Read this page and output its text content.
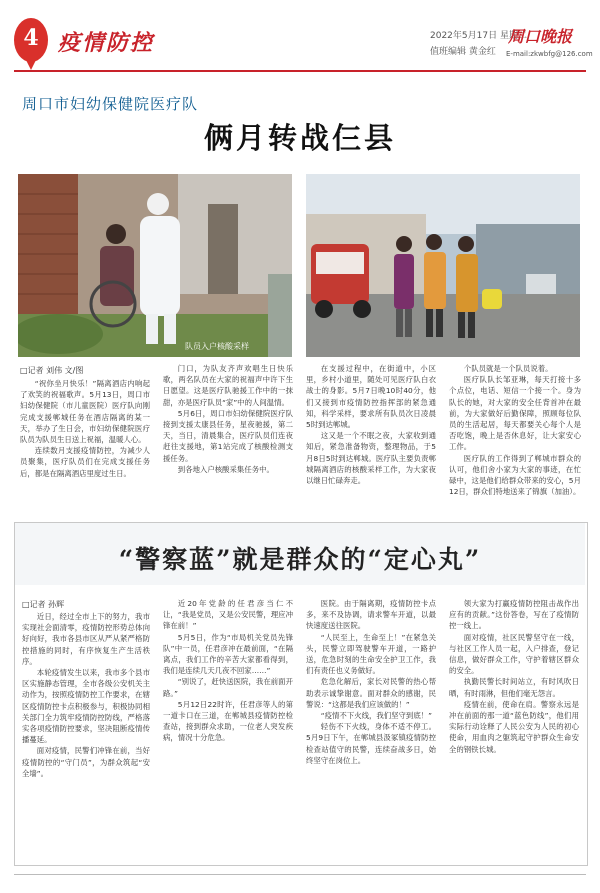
4 疫情防控	2022年5月17日 星期二
值班编辑 黄金红
周口晚报
E-mail:zkwbfg@126.com
周口市妇幼保健院医疗队
俩月转战仨县
队员入户核酸采样
□记者 刘伟 文/图

“祝你坐月快乐！”隔离酒店内响起了欢笑的祝福歌声。5月13日，周口市妇幼保健院（市儿童医院）医疗队向刚完成支援郸城任务在酒店隔离的某一天，举办了生日会，市妇幼保健院医疗队员为队员生日送上祝福，温暖人心。

连续数月支援疫情防控，为减少人员聚集，医疗队员们在完成支援任务后，都是在隔离酒店里度过生日。

门口，为队友齐声欢唱生日快乐歌，两名队员在大家的祝福声中许下生日愿望。这是医疗队驰援工作中的一抹甜，亦是医疗队员“家”中的人间温情。

5月6日，周口市妇幼保健院医疗队接到支援太康县任务，星夜驰援，第二天，当日，清晨集合，医疗队员们连夜赶往支援地，第1站完成了核酸检测支援任务。

到各地入户核酸采集任务中。

在支援过程中，在街道中，小区里，乡村小道里，随处可见医疗队白衣战士的身影。5月7日晚10时40分，他们又接到市疫情防控指挥部的紧急通知，科学采样，要求所有队员次日凌晨5时到达郸城。

这又是一个不眠之夜，大家收到通知后，紧急准备物资，整理物品，于5月8日5时到达郸城。医疗队主要负责郸城隔离酒店的核酸采样工作，为大家夜以继日忙碌奔走。

个队员就是一个队员说着。

医疗队队长邹亚琳，每天打接十多个点位，电话、短信一个接一个。身为队长的她，对大家的安全任背首冲在最前，为大家做好后勤保障，照顾每位队员的生活起居，每天都要关心每个人是否吃饱，晚上是否休息好，让大家安心工作。

医疗队的工作得到了郸城市群众的认可，他们舍小家为大家的事迹，在忙碌中，这是他们给群众带来的安心，5月12日，群众们特地送来了锦旗（加油）。

“警察蓝”就是群众的“定心丸”
□记者 孙辉

近日，经过全市上下的努力，我市实现社会面清零，疫情防控形势总体向好向好，我市各县市区从严从紧严格防控措施的同时，有序恢复生产生活秩序。

本轮疫情发生以来，我市多个县市区实施静态管理，全市各级公安机关主动作为，按照疫情防控工作要求，在辖区疫情防控卡点积极参与，积极协同相关部门全力筑牢疫情防控防线，严格落实各项疫情防控要求，坚决阻断疫情传播蔓延。

面对疫情，民警们冲锋在前，当好疫情防控的“守门员”，为群众筑起“安全墙”。

近20年党龄的任君彦当仁不让，“我是党员，又是公安民警，理应冲锋在前！”

5月5日，作为“市局机关党员先锋队”中一员，任君彦冲在最前面，“在隔离点，我们工作的辛苦大家都看得到，我们是连续几天几夜不回家……”

“别说了，赶快送医院，我在前面开路。”

5月12日22时许，任君彦等人的第一道卡口在三道，在郸城县疫情防控检查站，接到群众求助，一位老人突发疾病，情况十分危急。

医院。由于隔离期，疫情防控卡点多，来不及协调，请求警车开道，以最快速度送往医院。

“人民至上，生命至上！”在紧急关头，民警立即驾驶警车开道，一路护送，危急时刻的生命安全护卫工作，我们有责任也义务做好。

危急化解后，家长对民警的热心帮助表示诚挚谢意。面对群众的感谢，民警说：“这都是我们应该做的！”

“疫情不下火线，我们坚守到底！”

轻伤不下火线，身体不适不停工。5月9日下午，在郸城县汲冢镇疫情防控检查站值守的民警，连续奋战多日，始终坚守在岗位上。

领大家为打赢疫情防控阻击战作出应有的贡献。”这份答卷，写在了疫情防控一线上。

面对疫情，社区民警坚守在一线，与社区工作人员一起，入户排查，登记信息，做好群众工作，守护着辖区群众的安全。

执勤民警长时间站立，有时风吹日晒，有时雨淋，但他们毫无怨言。

疫情在前，使命在肩。警察永远是冲在前面的那一道“蓝色防线”，他们用实际行动诠释了人民公安为人民的初心使命，用血肉之躯筑起守护群众生命安全的钢铁长城。
